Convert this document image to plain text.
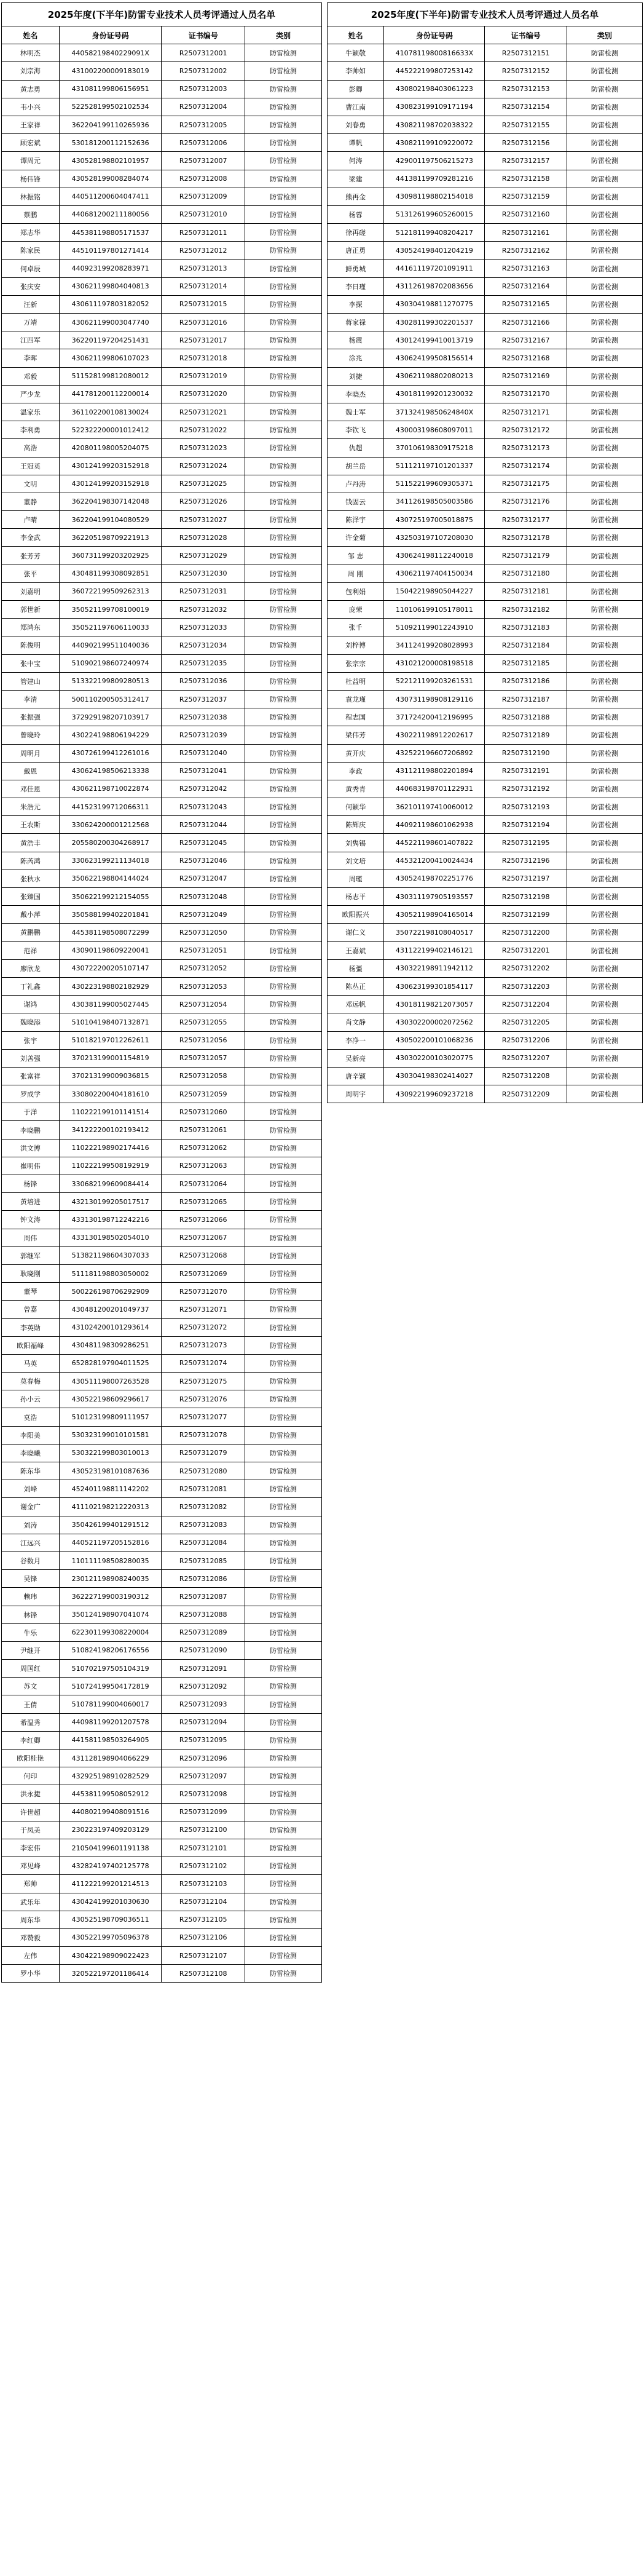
2025年度(下半年)防雷专业技术人员考评通过人员名单
姓名	身份证号码	证书编号	类别
林明杰	44058219840229091X	R2507312001	防雷检测
刘宗海	431002200009183019	R2507312002	防雷检测
黄志勇	431081199806156951	R2507312003	防雷检测
韦小兴	522528199502102534	R2507312004	防雷检测
王家祥	362204199110265936	R2507312005	防雷检测
顾宏斌	530181200112152636	R2507312006	防雷检测
谭周元	430528198802101957	R2507312007	防雷检测
杨伟锋	430528199008284074	R2507312008	防雷检测
林振铭	440511200604047411	R2507312009	防雷检测
蔡鹏	440681200211180056	R2507312010	防雷检测
郑志华	445381198805171537	R2507312011	防雷检测
陈家民	445101197801271414	R2507312012	防雷检测
何卓辰	440923199208283971	R2507312013	防雷检测
张庆安	430621199804040813	R2507312014	防雷检测
汪新	430611197803182052	R2507312015	防雷检测
万靖	430621199003047740	R2507312016	防雷检测
江四军	362201197204251431	R2507312017	防雷检测
李晖	430621199806107023	R2507312018	防雷检测
邓毅	511528199812080012	R2507312019	防雷检测
严少龙	441781200112200014	R2507312020	防雷检测
温家乐	361102200108130024	R2507312021	防雷检测
李利勇	522322200001012412	R2507312022	防雷检测
高浩	420801198005204075	R2507312023	防雷检测
王冠英	430124199203152918	R2507312024	防雷检测
文明	430124199203152918	R2507312025	防雷检测
董静	362204198307142048	R2507312026	防雷检测
卢晴	362204199104080529	R2507312027	防雷检测
李金武	362205198709221913	R2507312028	防雷检测
张芳芳	360731199203202925	R2507312029	防雷检测
张平	430481199308092851	R2507312030	防雷检测
刘嘉明	360722199509262313	R2507312031	防雷检测
郭世新	350521199708100019	R2507312032	防雷检测
郑鸿东	350521197606110033	R2507312033	防雷检测
陈俊明	440902199511040036	R2507312034	防雷检测
张中宝	510902198607240974	R2507312035	防雷检测
管建山	513322199809280513	R2507312036	防雷检测
李清	500110200505312417	R2507312037	防雷检测
张振强	372929198207103917	R2507312038	防雷检测
曾晓玲	430224198806194229	R2507312039	防雷检测
周明月	430726199412261016	R2507312040	防雷检测
戴恩	430624198506213338	R2507312041	防雷检测
邓佳恩	430621198710022874	R2507312042	防雷检测
朱浩元	441523199712066311	R2507312043	防雷检测
王农斯	330624200001212568	R2507312044	防雷检测
黄浩丰	205580200304268917	R2507312045	防雷检测
陈芮鸿	330623199211134018	R2507312046	防雷检测
张秋水	350622198804144024	R2507312047	防雷检测
张臻国	350622199212154055	R2507312048	防雷检测
戴小萍	350588199402201841	R2507312049	防雷检测
黄鹏鹏	445381198508072299	R2507312050	防雷检测
范祥	430901198609220041	R2507312051	防雷检测
廖欣龙	430722200205107147	R2507312052	防雷检测
丁礼鑫	430223198802182929	R2507312053	防雷检测
谢鸿	430381199005027445	R2507312054	防雷检测
魏晓添	510104198407132871	R2507312055	防雷检测
张宇	510182197012262611	R2507312056	防雷检测
刘善强	370213199001154819	R2507312057	防雷检测
张富祥	370213199009036815	R2507312058	防雷检测
罗成学	330802200404181610	R2507312059	防雷检测
于洋	110222199101141514	R2507312060	防雷检测
李晓鹏	341222200102193412	R2507312061	防雷检测
洪文博	110222198902174416	R2507312062	防雷检测
崔明伟	110222199508192919	R2507312063	防雷检测
杨锋	330682199609084414	R2507312064	防雷检测
黄培进	432130199205017517	R2507312065	防雷检测
钟文涛	433130198712242216	R2507312066	防雷检测
周伟	433130198502054010	R2507312067	防雷检测
郭继军	513821198604307033	R2507312068	防雷检测
耿晓刚	511181198803050002	R2507312069	防雷检测
董琴	500226198706292909	R2507312070	防雷检测
曾嘉	430481200201049737	R2507312071	防雷检测
李英勋	431024200101293614	R2507312072	防雷检测
欧阳福峰	430481198309286251	R2507312073	防雷检测
马英	652828197904011525	R2507312074	防雷检测
莫春梅	430511198007263528	R2507312075	防雷检测
孙小云	430522198609296617	R2507312076	防雷检测
莫浩	510123199809111957	R2507312077	防雷检测
李阳美	530323199010101581	R2507312078	防雷检测
李晓曦	530322199803010013	R2507312079	防雷检测
陈东华	430523198101087636	R2507312080	防雷检测
刘峰	452401198811142202	R2507312081	防雷检测
谢金广	411102198212220313	R2507312082	防雷检测
刘涛	350426199401291512	R2507312083	防雷检测
江远兴	440521197205152816	R2507312084	防雷检测
谷数月	110111198508280035	R2507312085	防雷检测
吴锋	230121198908240035	R2507312086	防雷检测
赖玮	362227199003190312	R2507312087	防雷检测
林锋	350124198907041074	R2507312088	防雷检测
牛乐	622301199308220004	R2507312089	防雷检测
尹继开	510824198206176556	R2507312090	防雷检测
周国红	510702197505104319	R2507312091	防雷检测
苏文	510724199504172819	R2507312092	防雷检测
王倩	510781199004060017	R2507312093	防雷检测
希温秀	440981199201207578	R2507312094	防雷检测
李红卿	441581198503264905	R2507312095	防雷检测
欧阳桂艳	431128198904066229	R2507312096	防雷检测
何印	432925198910282529	R2507312097	防雷检测
洪永捷	445381199508052912	R2507312098	防雷检测
许世超	440802199408091516	R2507312099	防雷检测
于凤美	230223197409203129	R2507312100	防雷检测
李宏伟	210504199601191138	R2507312101	防雷检测
邓见峰	432824197402125778	R2507312102	防雷检测
郑帅	411222199201214513	R2507312103	防雷检测
武乐年	430424199201030630	R2507312104	防雷检测
周东华	430525198709036511	R2507312105	防雷检测
邓赞毅	430522199705096378	R2507312106	防雷检测
左伟	430422198909022423	R2507312107	防雷检测
罗小华	320522197201186414	R2507312108	防雷检测
2025年度(下半年)防雷专业技术人员考评通过人员名单
姓名	身份证号码	证书编号	类别
牛颖敬	41078119800816633X	R2507312151	防雷检测
李帅如	445222199807253142	R2507312152	防雷检测
彭卿	430802198403061223	R2507312153	防雷检测
曹江南	430823199109171194	R2507312154	防雷检测
刘春勇	430821198702038322	R2507312155	防雷检测
谭帆	430821199109220072	R2507312156	防雷检测
何涛	429001197506215273	R2507312157	防雷检测
梁建	441381199709281216	R2507312158	防雷检测
熊再金	430981198802154018	R2507312159	防雷检测
杨蓉	513126199605260015	R2507312160	防雷检测
徐再磋	512181199408204217	R2507312161	防雷检测
唐正勇	430524198401204219	R2507312162	防雷检测
鲜勇城	441611197201091911	R2507312163	防雷检测
李日瑾	431126198702083656	R2507312164	防雷检测
李探	430304198811270775	R2507312165	防雷检测
蒋家禄	430281199302201537	R2507312166	防雷检测
杨震	430124199410013719	R2507312167	防雷检测
涂兆	430624199508156514	R2507312168	防雷检测
刘捷	430621198802080213	R2507312169	防雷检测
李晓杰	430181199201230032	R2507312170	防雷检测
魏士军	37132419850624840X	R2507312171	防雷检测
李钦飞	430003198608097011	R2507312172	防雷检测
仇超	370106198309175218	R2507312173	防雷检测
胡兰岳	511121197101201337	R2507312174	防雷检测
卢丹涛	511522199609305371	R2507312175	防雷检测
钱固云	341126198505003586	R2507312176	防雷检测
陈泽宇	430725197005018875	R2507312177	防雷检测
许金菊	432503197107208030	R2507312178	防雷检测
邹 志	430624198112240018	R2507312179	防雷检测
周 刚	430621197404150034	R2507312180	防雷检测
包利娟	150422198905044227	R2507312181	防雷检测
庞荣	110106199105178011	R2507312182	防雷检测
张千	510921199012243910	R2507312183	防雷检测
刘梓博	341124199208028993	R2507312184	防雷检测
张宗宗	431021200008198518	R2507312185	防雷检测
杜益明	522121199203261531	R2507312186	防雷检测
袁龙瑾	430731198908129116	R2507312187	防雷检测
程志国	371724200412196995	R2507312188	防雷检测
梁伟芳	430221198912202617	R2507312189	防雷检测
黄开庆	432522196607206892	R2507312190	防雷检测
李政	431121198802201894	R2507312191	防雷检测
黄秀青	440683198701122931	R2507312192	防雷检测
何颖华	362101197410060012	R2507312193	防雷检测
陈辉庆	440921198601062938	R2507312194	防雷检测
刘隽锡	445221198601407822	R2507312195	防雷检测
刘文培	445321200410024434	R2507312196	防雷检测
周瑾	430524198702251776	R2507312197	防雷检测
杨志平	430311197905193557	R2507312198	防雷检测
欧阳振兴	430521198904165014	R2507312199	防雷检测
谢仁义	350722198108040517	R2507312200	防雷检测
王嘉斌	431122199402146121	R2507312201	防雷检测
杨彊	430322198911942112	R2507312202	防雷检测
陈丛正	430623199301854117	R2507312203	防雷检测
邓远帆	430181198212073057	R2507312204	防雷检测
肖文静	430302200002072562	R2507312205	防雷检测
李净一	430502200101068236	R2507312206	防雷检测
吴新亮	430302200103020775	R2507312207	防雷检测
唐辛颖	430304198302414027	R2507312208	防雷检测
周明宇	430922199609237218	R2507312209	防雷检测
